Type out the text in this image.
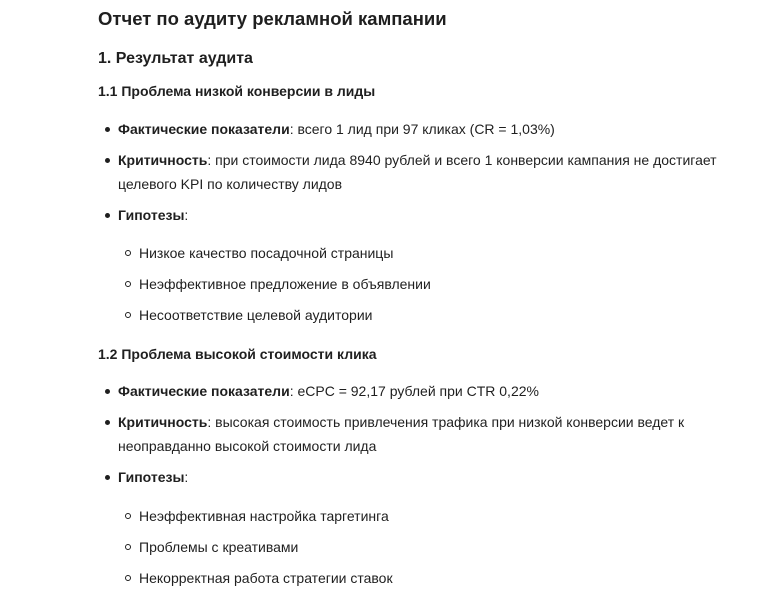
Отчет по аудиту рекламной кампании
1. Результат аудита
1.1 Проблема низкой конверсии в лиды
Фактические показатели: всего 1 лид при 97 кликах (CR = 1,03%)
Критичность: при стоимости лида 8940 рублей и всего 1 конверсии кампания не достигает целевого KPI по количеству лидов
Гипотезы:
Низкое качество посадочной страницы
Неэффективное предложение в объявлении
Несоответствие целевой аудитории
1.2 Проблема высокой стоимости клика
Фактические показатели: eCPC = 92,17 рублей при CTR 0,22%
Критичность: высокая стоимость привлечения трафика при низкой конверсии ведет к неоправданно высокой стоимости лида
Гипотезы:
Неэффективная настройка таргетинга
Проблемы с креативами
Некорректная работа стратегии ставок
